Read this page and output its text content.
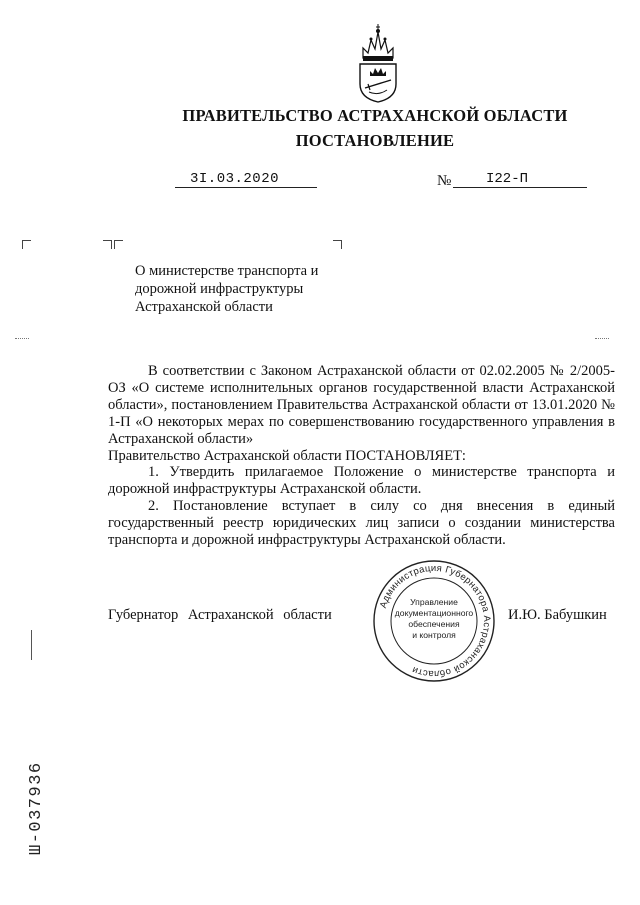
ПРАВИТЕЛЬСТВО АСТРАХАНСКОЙ ОБЛАСТИ
ПОСТАНОВЛЕНИЕ
3I.03.2020	№ I22-П
О министерстве транспорта и
дорожной инфраструктуры
Астраханской области

В соответствии с Законом Астраханской области от 02.02.2005 № 2/2005-ОЗ «О системе исполнительных органов государственной власти Астраханской области», постановлением Правительства Астраханской области от 13.01.2020 № 1-П «О некоторых мерах по совершенствованию государственного управления в Астраханской области»

Правительство Астраханской области ПОСТАНОВЛЯЕТ:

1. Утвердить прилагаемое Положение о министерстве транспорта и дорожной инфраструктуры Астраханской области.

2. Постановление вступает в силу со дня внесения в единый государственный реестр юридических лиц записи о создании министерства транспорта и дорожной инфраструктуры Астраханской области.

Губернатор Астраханской области	И.Ю. Бабушкин
Администрация Губернатора Астраханской области
Управление
документационного
обеспечения
и контроля
Ш-037936
